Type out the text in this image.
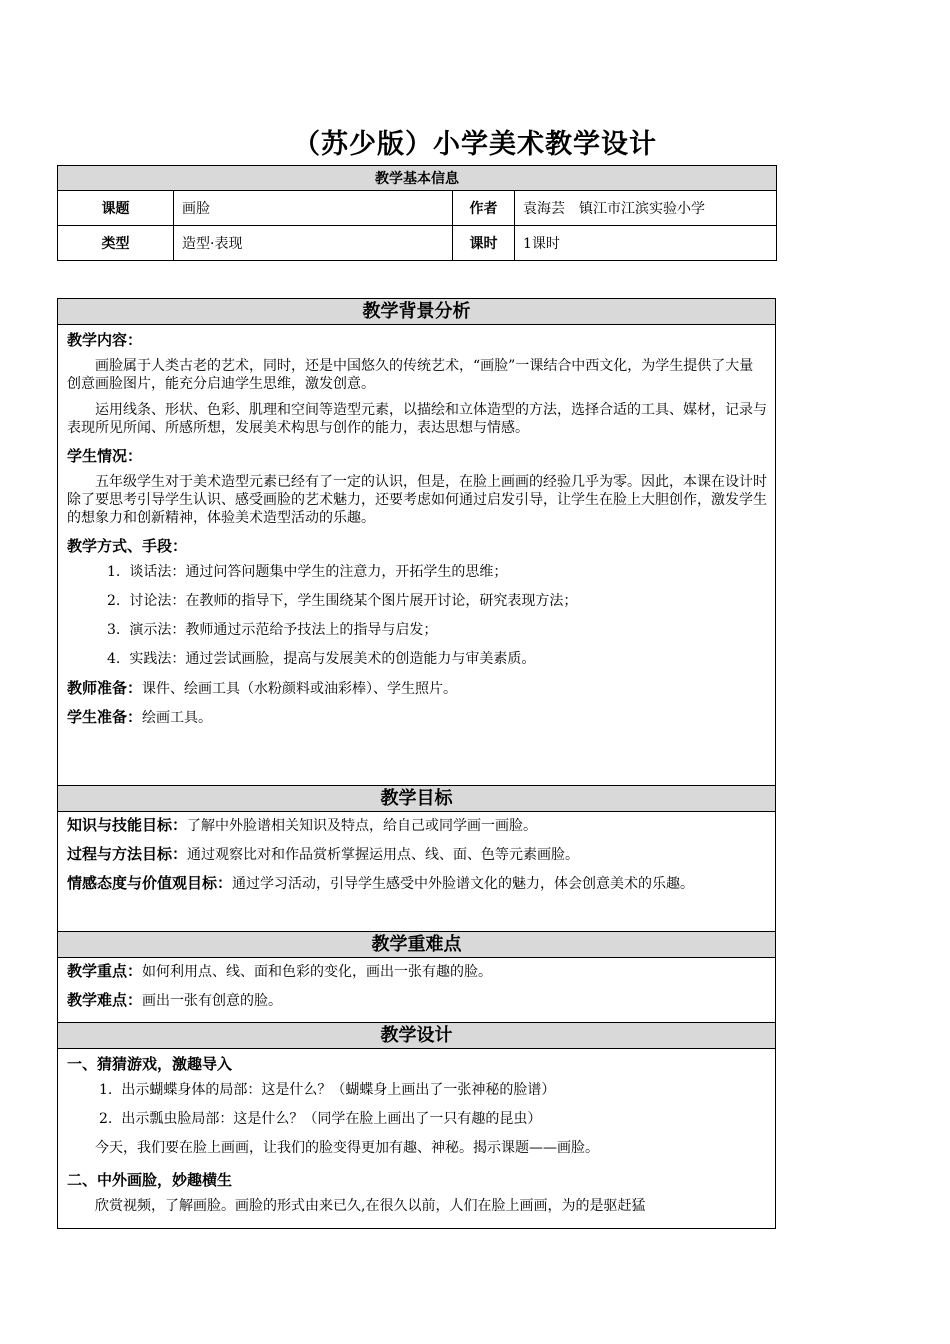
（苏少版）小学美术教学设计
教学基本信息			
课题	画脸	作者	袁海芸　镇江市江滨实验小学
类型	造型·表现	课时	1课时
教学背景分析
教学内容：
画脸属于人类古老的艺术，同时，还是中国悠久的传统艺术，“画脸”一课结合中西文化，为学生提供了大量创意画脸图片，能充分启迪学生思维，激发创意。
运用线条、形状、色彩、肌理和空间等造型元素，以描绘和立体造型的方法，选择合适的工具、媒材，记录与表现所见所闻、所感所想，发展美术构思与创作的能力，表达思想与情感。
学生情况：
五年级学生对于美术造型元素已经有了一定的认识，但是，在脸上画画的经验几乎为零。因此，本课在设计时除了要思考引导学生认识、感受画脸的艺术魅力，还要考虑如何通过启发引导，让学生在脸上大胆创作，激发学生的想象力和创新精神，体验美术造型活动的乐趣。
教学方式、手段：
1. 谈话法：通过问答问题集中学生的注意力，开拓学生的思维；
2. 讨论法：在教师的指导下，学生围绕某个图片展开讨论，研究表现方法；
3. 演示法：教师通过示范给予技法上的指导与启发；
4. 实践法：通过尝试画脸，提高与发展美术的创造能力与审美素质。
教师准备：课件、绘画工具（水粉颜料或油彩棒）、学生照片。
学生准备：绘画工具。
教学目标
知识与技能目标：了解中外脸谱相关知识及特点，给自己或同学画一画脸。
过程与方法目标：通过观察比对和作品赏析掌握运用点、线、面、色等元素画脸。
情感态度与价值观目标：通过学习活动，引导学生感受中外脸谱文化的魅力，体会创意美术的乐趣。
教学重难点
教学重点：如何利用点、线、面和色彩的变化，画出一张有趣的脸。
教学难点：画出一张有创意的脸。
教学设计
一、猜猜游戏，激趣导入
1. 出示蝴蝶身体的局部：这是什么？（蝴蝶身上画出了一张神秘的脸谱）
2. 出示瓢虫脸局部：这是什么？（同学在脸上画出了一只有趣的昆虫）
今天，我们要在脸上画画，让我们的脸变得更加有趣、神秘。揭示课题——画脸。
二、中外画脸，妙趣横生
欣赏视频，了解画脸。画脸的形式由来已久,在很久以前，人们在脸上画画，为的是驱赶猛
